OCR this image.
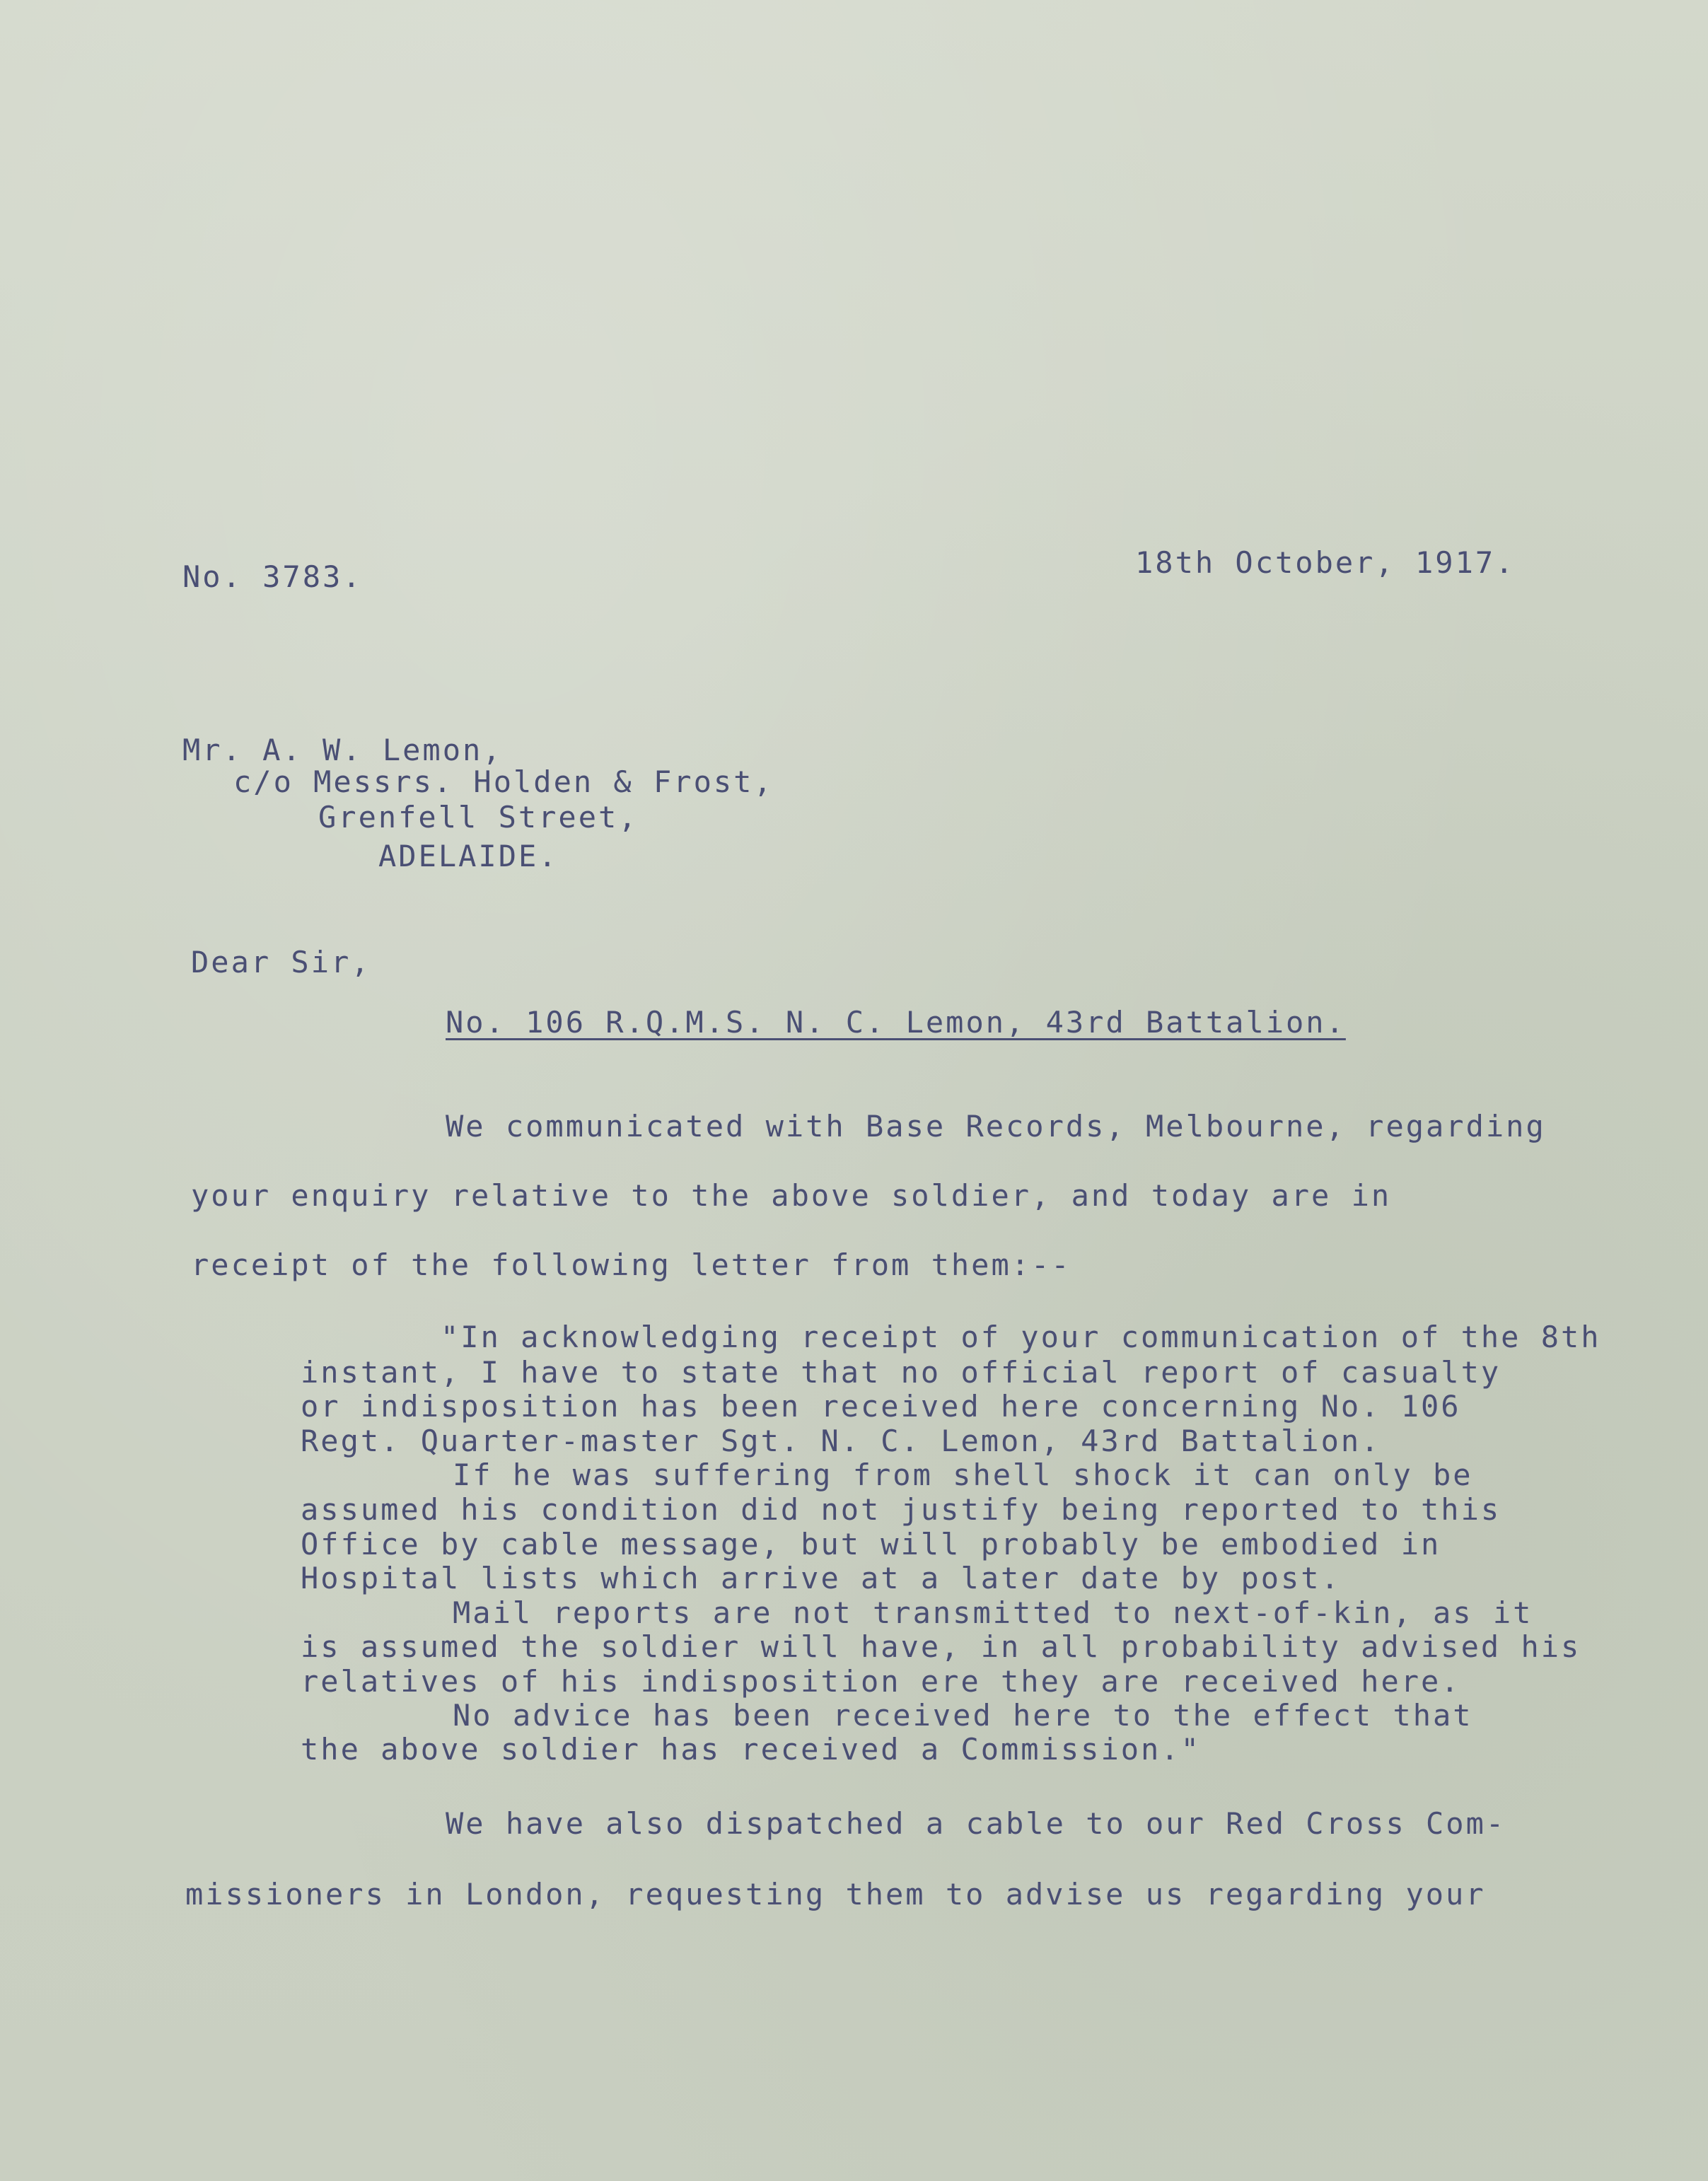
No. 3783.	18th October, 1917.
Mr. A. W. Lemon,
c/o Messrs. Holden & Frost,
Grenfell Street,
ADELAIDE.
Dear Sir,
No. 106 R.Q.M.S. N. C. Lemon, 43rd Battalion.
We communicated with Base Records, Melbourne, regarding
your enquiry relative to the above soldier, and today are in
receipt of the following letter from them:--
"In acknowledging receipt of your communication of the 8th
instant, I have to state that no official report of casualty
or indisposition has been received here concerning No. 106
Regt. Quarter-master Sgt. N. C. Lemon, 43rd Battalion.
If he was suffering from shell shock it can only be
assumed his condition did not justify being reported to this
Office by cable message, but will probably be embodied in
Hospital lists which arrive at a later date by post.
Mail reports are not transmitted to next-of-kin, as it
is assumed the soldier will have, in all probability advised his
relatives of his indisposition ere they are received here.
No advice has been received here to the effect that
the above soldier has received a Commission."
We have also dispatched a cable to our Red Cross Com-
missioners in London, requesting them to advise us regarding your
